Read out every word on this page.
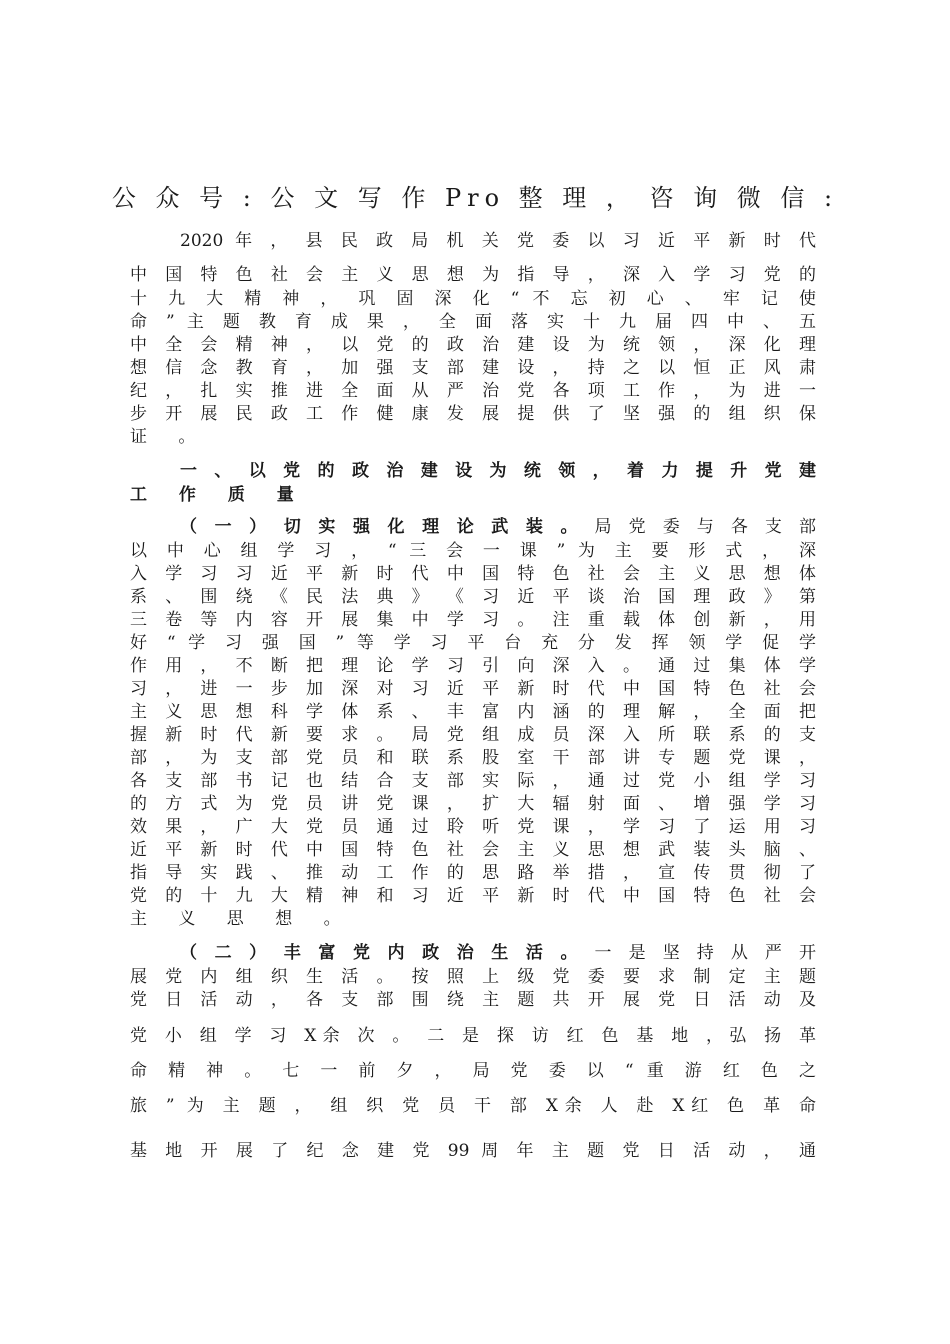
公 众 号 : 公 文 写 作 Pro 整 理 ， 咨 询 微 信 :
2020 年 ， 县 民 政 局 机 关 党 委 以 习 近 平 新 时 代
中 国 特 色 社 会 主 义 思 想 为 指 导 ， 深 入 学 习 党 的
十 九 大 精 神 ， 巩 固 深 化 “ 不 忘 初 心 、 牢 记 使
命 ” 主 题 教 育 成 果 ， 全 面 落 实 十 九 届 四 中 、 五
中 全 会 精 神 ， 以 党 的 政 治 建 设 为 统 领 ， 深 化 理
想 信 念 教 育 ， 加 强 支 部 建 设 ， 持 之 以 恒 正 风 肃
纪 ， 扎 实 推 进 全 面 从 严 治 党 各 项 工 作 ， 为 进 一
步 开 展 民 政 工 作 健 康 发 展 提 供 了 坚 强 的 组 织 保
证 。
一 、 以 党 的 政 治 建 设 为 统 领 ， 着 力 提 升 党 建
工 作 质 量
（ 一 ） 切 实 强 化 理 论 武 装 。 局 党 委 与 各 支 部
以 中 心 组 学 习 ， “ 三 会 一 课 ” 为 主 要 形 式 ， 深
入 学 习 习 近 平 新 时 代 中 国 特 色 社 会 主 义 思 想 体
系 、 围 绕 《 民 法 典 》 《 习 近 平 谈 治 国 理 政 》 第
三 卷 等 内 容 开 展 集 中 学 习 。 注 重 载 体 创 新 ， 用
好 “ 学 习 强 国 ” 等 学 习 平 台 充 分 发 挥 领 学 促 学
作 用 ， 不 断 把 理 论 学 习 引 向 深 入 。 通 过 集 体 学
习 ， 进 一 步 加 深 对 习 近 平 新 时 代 中 国 特 色 社 会
主 义 思 想 科 学 体 系 、 丰 富 内 涵 的 理 解 ， 全 面 把
握 新 时 代 新 要 求 。 局 党 组 成 员 深 入 所 联 系 的 支
部 ， 为 支 部 党 员 和 联 系 股 室 干 部 讲 专 题 党 课 ，
各 支 部 书 记 也 结 合 支 部 实 际 ， 通 过 党 小 组 学 习
的 方 式 为 党 员 讲 党 课 ， 扩 大 辐 射 面 、 增 强 学 习
效 果 ， 广 大 党 员 通 过 聆 听 党 课 ， 学 习 了 运 用 习
近 平 新 时 代 中 国 特 色 社 会 主 义 思 想 武 装 头 脑 、
指 导 实 践 、 推 动 工 作 的 思 路 举 措 ， 宣 传 贯 彻 了
党 的 十 九 大 精 神 和 习 近 平 新 时 代 中 国 特 色 社 会
主 义 思 想 。
（ 二 ） 丰 富 党 内 政 治 生 活 。 一 是 坚 持 从 严 开
展 党 内 组 织 生 活 。 按 照 上 级 党 委 要 求 制 定 主 题
党 日 活 动 ， 各 支 部 围 绕 主 题 共 开 展 党 日 活 动 及
党 小 组 学 习 X余 次 。 二 是 探 访 红 色 基 地 ，弘 扬 革
命 精 神 。 七 一 前 夕 ， 局 党 委 以 “ 重 游 红 色 之
旅 ” 为 主 题 ， 组 织 党 员 干 部 X余 人 赴 X红 色 革 命
基 地 开 展 了 纪 念 建 党 99 周 年 主 题 党 日 活 动 ， 通
